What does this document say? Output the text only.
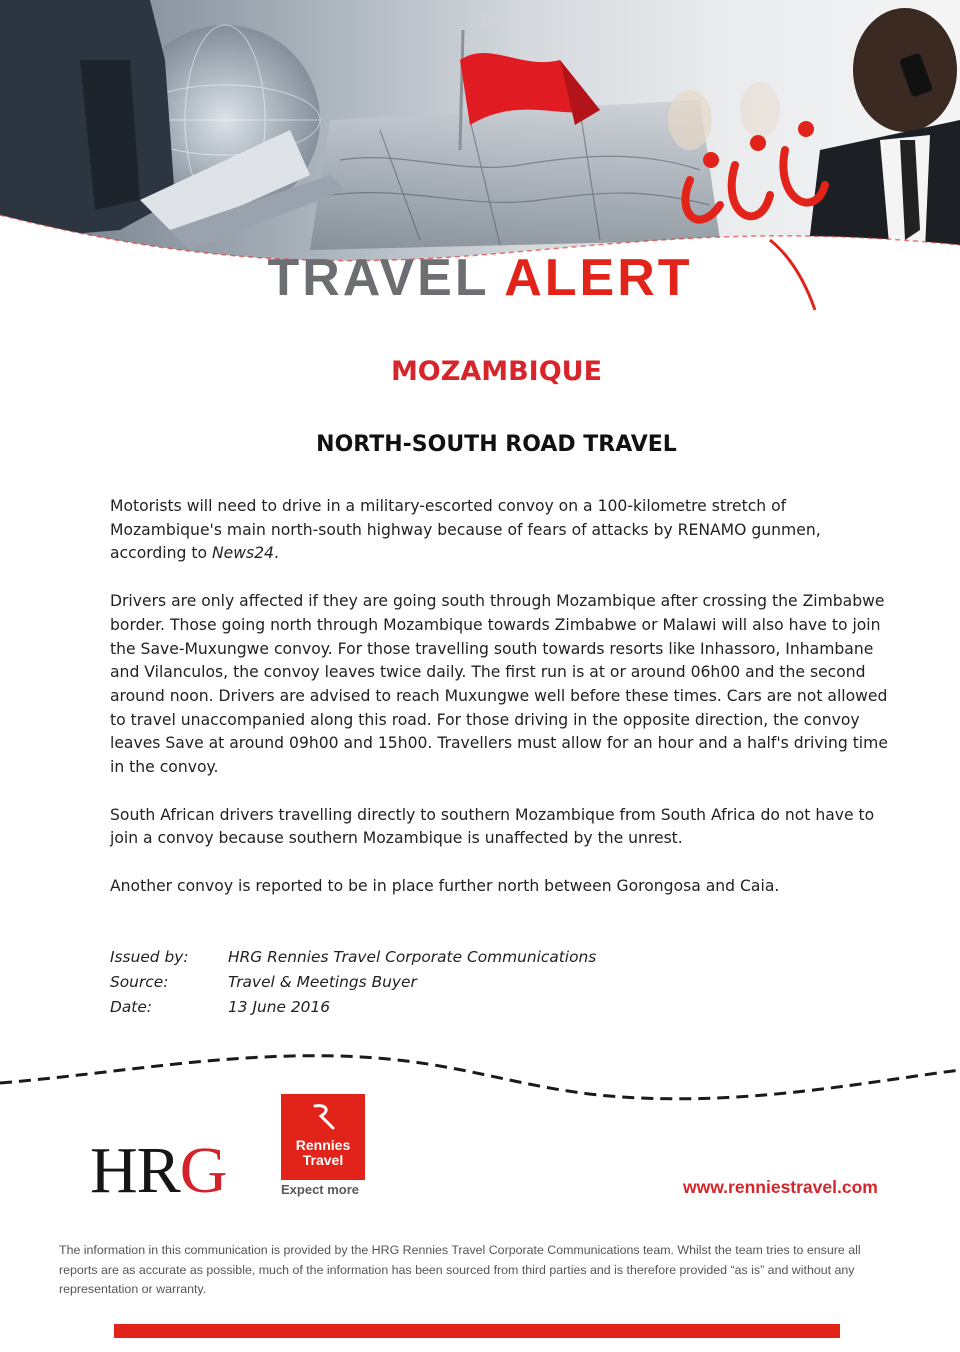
TRAVEL ALERT
MOZAMBIQUE
NORTH-SOUTH ROAD TRAVEL

Motorists will need to drive in a military-escorted convoy on a 100-kilometre stretch of Mozambique's main north-south highway because of fears of attacks by RENAMO gunmen, according to News24.

Drivers are only affected if they are going south through Mozambique after crossing the Zimbabwe border. Those going north through Mozambique towards Zimbabwe or Malawi will also have to join the Save-Muxungwe convoy. For those travelling south towards resorts like Inhassoro, Inhambane and Vilanculos, the convoy leaves twice daily. The first run is at or around 06h00 and the second around noon. Drivers are advised to reach Muxungwe well before these times. Cars are not allowed to travel unaccompanied along this road. For those driving in the opposite direction, the convoy leaves Save at around 09h00 and 15h00. Travellers must allow for an hour and a half's driving time in the convoy.

South African drivers travelling directly to southern Mozambique from South Africa do not have to join a convoy because southern Mozambique is unaffected by the unrest.

Another convoy is reported to be in place further north between Gorongosa and Caia.

Issued by:	HRG Rennies Travel Corporate Communications
Source:	Travel & Meetings Buyer
Date:	13 June 2016
HRG	Rennies
Travel
Expect more	www.renniestravel.com
The information in this communication is provided by the HRG Rennies Travel Corporate Communications team. Whilst the team tries to ensure all reports are as accurate as possible, much of the information has been sourced from third parties and is therefore provided “as is” and without any representation or warranty.
